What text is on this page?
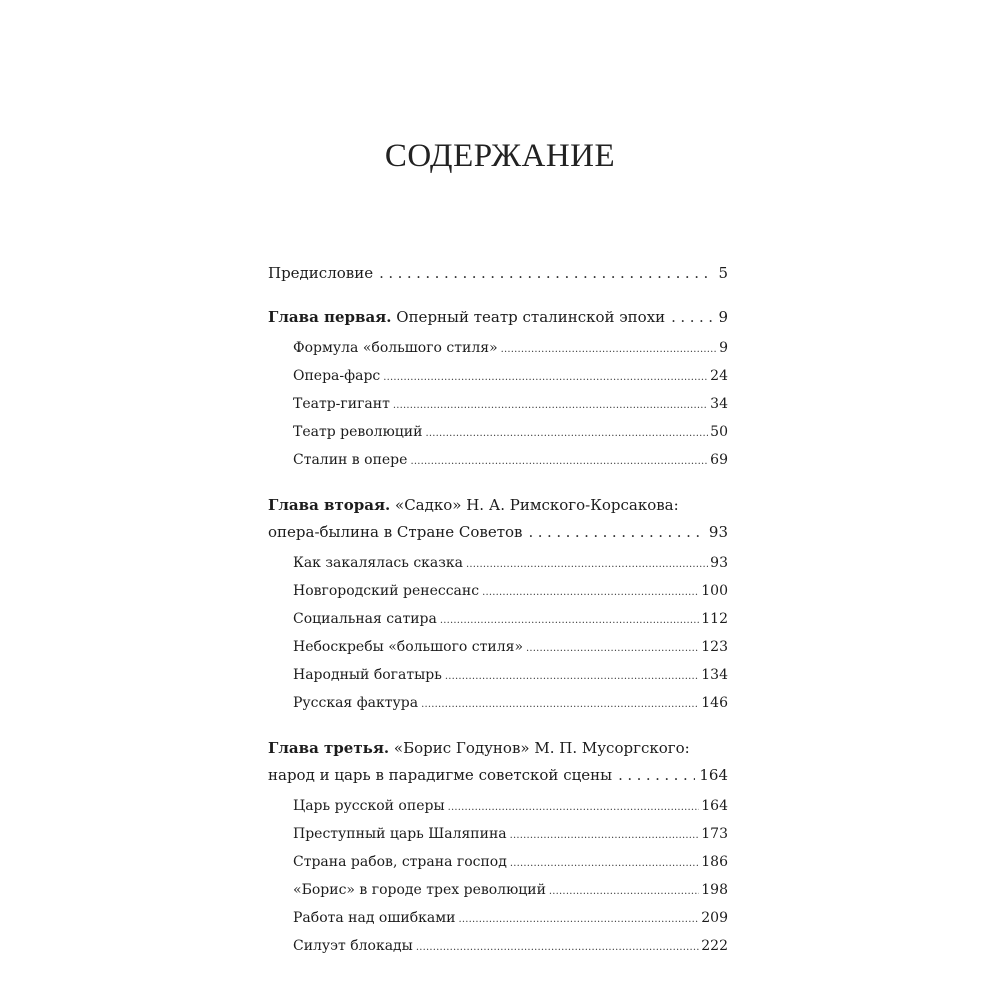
СОДЕРЖАНИЕ
Предисловие .....	5
Глава первая. Оперный театр сталинской эпохи .....	9
Формула «большого стиля» .....	9
Опера-фарс .....	24
Театр-гигант .....	34
Театр революций .....	50
Сталин в опере .....	69
Глава вторая. «Садко» Н. А. Римского-Корсакова:
опера-былина в Стране Советов .....	93
Как закалялась сказка .....	93
Новгородский ренессанс .....	100
Социальная сатира .....	112
Небоскребы «большого стиля» .....	123
Народный богатырь .....	134
Русская фактура .....	146
Глава третья. «Борис Годунов» М. П. Мусоргского:
народ и царь в парадигме советской сцены .....	164
Царь русской оперы .....	164
Преступный царь Шаляпина .....	173
Страна рабов, страна господ .....	186
«Борис» в городе трех революций .....	198
Работа над ошибками .....	209
Силуэт блокады .....	222
